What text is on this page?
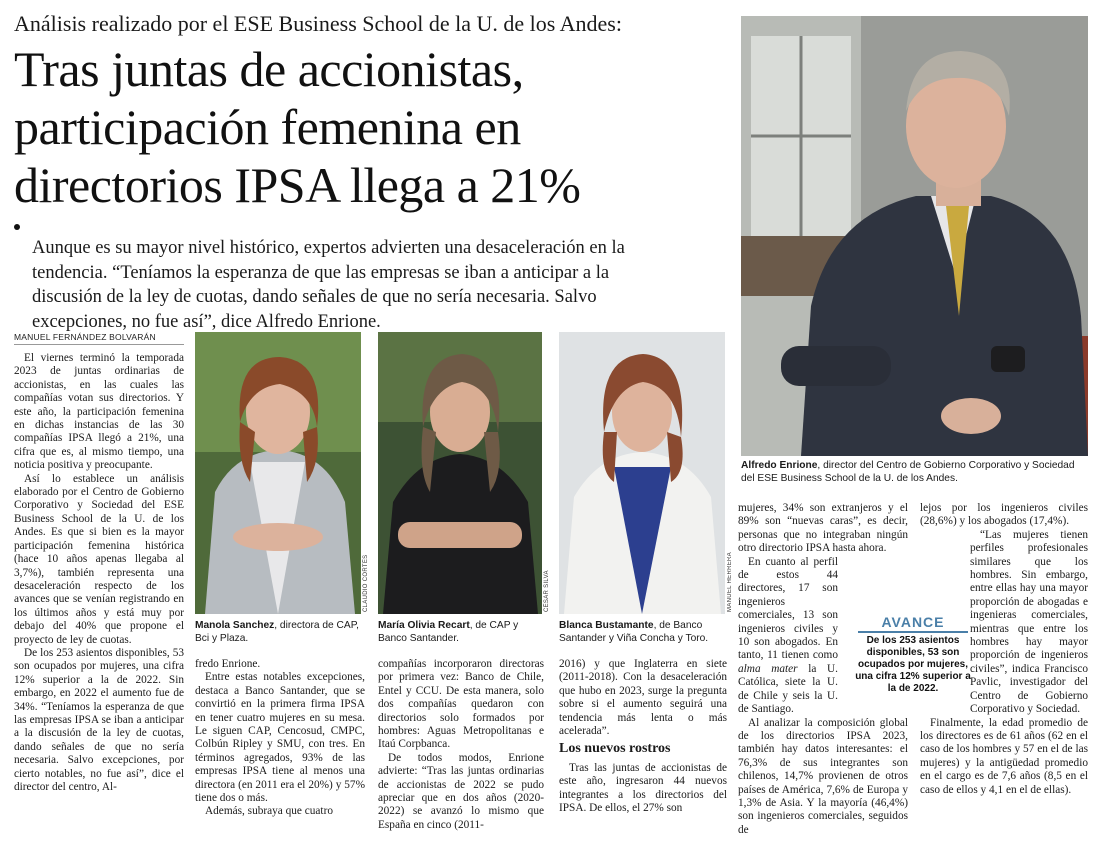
Análisis realizado por el ESE Business School de la U. de los Andes:
Tras juntas de accionistas, participación femenina en directorios IPSA llega a 21%
Aunque es su mayor nivel histórico, expertos advierten una desaceleración en la tendencia. “Teníamos la esperanza de que las empresas se iban a anticipar a la discusión de la ley de cuotas, dando señales de que no sería necesaria. Salvo excepciones, no fue así”, dice Alfredo Enrione.
Alfredo Enrione, director del Centro de Gobierno Corporativo y Sociedad del ESE Business School de la U. de los Andes.
MANUEL FERNÁNDEZ BOLVARÁN

El viernes terminó la temporada 2023 de juntas ordinarias de accionistas, en las cuales las compañías votan sus directorios. Y este año, la participación femenina en dichas instancias de las 30 compañías IPSA llegó a 21%, una cifra que es, al mismo tiempo, una noticia positiva y preocupante.

Así lo establece un análisis elaborado por el Centro de Gobierno Corporativo y Sociedad del ESE Business School de la U. de los Andes. Es que si bien es la mayor participación femenina histórica (hace 10 años apenas llegaba al 3,7%), también representa una desaceleración respecto de los avances que se venían registrando en los últimos años y está muy por debajo del 40% que propone el proyecto de ley de cuotas.

De los 253 asientos disponibles, 53 son ocupados por mujeres, una cifra 12% superior a la de 2022. Sin embargo, en 2022 el aumento fue de 34%. “Teníamos la esperanza de que las empresas IPSA se iban a anticipar a la discusión de la ley de cuotas, dando señales de que no sería necesaria. Salvo excepciones, por cierto notables, no fue así”, dice el director del centro, Al-

CLAUDIO CORTÉS
Manola Sanchez, directora de CAP, Bci y Plaza.
CÉSAR SILVA
María Olivia Recart, de CAP y Banco Santander.
MANUEL HERRERA
Blanca Bustamante, de Banco Santander y Viña Concha y Toro.

fredo Enrione.

Entre estas notables excepciones, destaca a Banco Santander, que se convirtió en la primera firma IPSA en tener cuatro mujeres en su mesa. Le siguen CAP, Cencosud, CMPC, Colbún Ripley y SMU, con tres. En términos agregados, 93% de las empresas IPSA tiene al menos una directora (en 2011 era el 20%) y 57% tiene dos o más.

Además, subraya que cuatro

compañías incorporaron directoras por primera vez: Banco de Chile, Entel y CCU. De esta manera, solo dos compañías quedaron con directorios solo formados por hombres: Aguas Metropolitanas e Itaú Corpbanca.

De todos modos, Enrione advierte: “Tras las juntas ordinarias de accionistas de 2022 se pudo apreciar que en dos años (2020-2022) se avanzó lo mismo que España en cinco (2011-

2016) y que Inglaterra en siete (2011-2018). Con la desaceleración que hubo en 2023, surge la pregunta sobre si el aumento seguirá una tendencia más lenta o más acelerada”.

Los nuevos rostros

Tras las juntas de accionistas de este año, ingresaron 44 nuevos integrantes a los directorios del IPSA. De ellos, el 27% son

mujeres, 34% son extranjeros y el 89% son “nuevas caras”, es decir, personas que no integraban ningún otro directorio IPSA hasta ahora.

En cuanto al perfil de estos 44 directores, 17 son ingenieros comerciales, 13 son ingenieros civiles y 10 son abogados. En tanto, 11 tienen como alma mater la U. Católica, siete la U. de Chile y seis la U. de Santiago.

Al analizar la composición global de los directorios IPSA 2023, también hay datos interesantes: el 76,3% de sus integrantes son chilenos, 14,7% provienen de otros países de América, 7,6% de Europa y 1,3% de Asia. Y la mayoría (46,4%) son ingenieros comerciales, seguidos de

AVANCE
De los 253 asientos disponibles, 53 son ocupados por mujeres, una cifra 12% superior a la de 2022.

lejos por los ingenieros civiles (28,6%) y los abogados (17,4%).

“Las mujeres tienen perfiles profesionales similares que los hombres. Sin embargo, entre ellas hay una mayor proporción de abogadas e ingenieras comerciales, mientras que entre los hombres hay mayor proporción de ingenieros civiles”, indica Francisco Pavlic, investigador del Centro de Gobierno Corporativo y Sociedad.

Finalmente, la edad promedio de los directores es de 61 años (62 en el caso de los hombres y 57 en el de las mujeres) y la antigüedad promedio en el cargo es de 7,6 años (8,5 en el caso de ellos y 4,1 en el de ellas).
